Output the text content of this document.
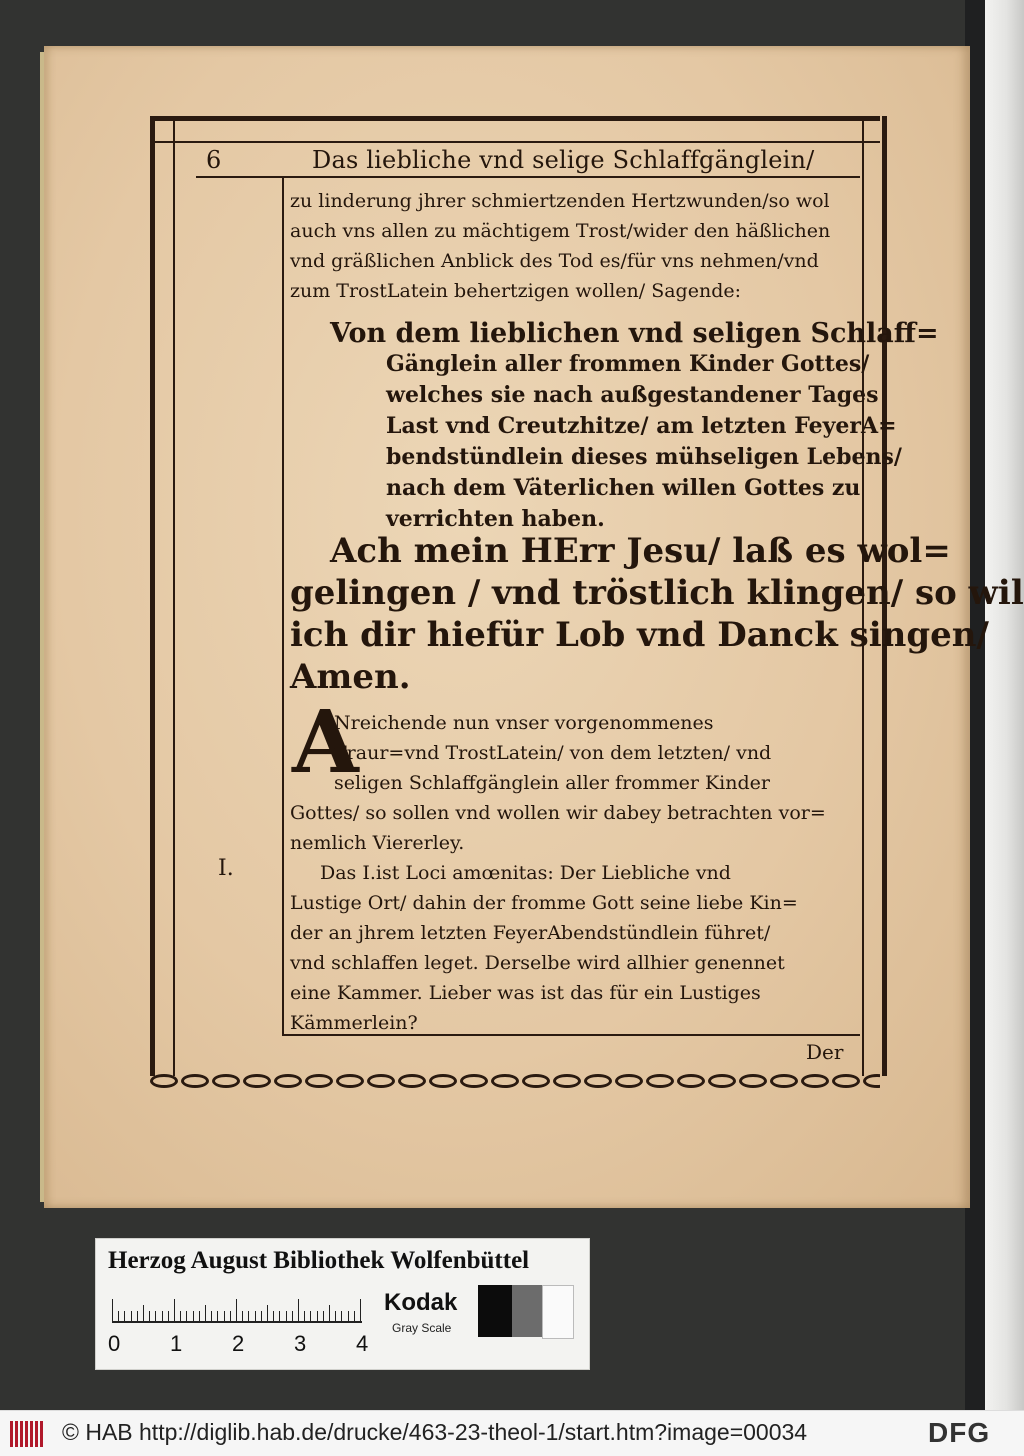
6	Das liebliche vnd selige Schlaffgänglein/
zu linderung jhrer schmiertzenden Hertzwunden/so wol
auch vns allen zu mächtigem Trost/wider den häßlichen
vnd gräßlichen Anblick des Tod es/für vns nehmen/vnd
zum TrostLatein behertzigen wollen/ Sagende:
Von dem lieblichen vnd seligen Schlaff=
Gänglein aller frommen Kinder Gottes/
welches sie nach außgestandener Tages
Last vnd Creutzhitze/ am letzten FeyerA=
bendstündlein dieses mühseligen Lebens/
nach dem Väterlichen willen Gottes zu
verrichten haben.
Ach mein HErr Jesu/ laß es wol=
gelingen / vnd tröstlich klingen/ so wil
ich dir hiefür Lob vnd Danck singen/
Amen.
A
Nreichende nun vnser vorgenommenes
Traur=vnd TrostLatein/ von dem letzten/ vnd
seligen Schlaffgänglein aller frommer Kinder
Gottes/ so sollen vnd wollen wir dabey betrachten vor=
nemlich Viererley.
Das I.ist Loci amœnitas: Der Liebliche vnd
Lustige Ort/ dahin der fromme Gott seine liebe Kin=
der an jhrem letzten FeyerAbendstündlein führet/
vnd schlaffen leget. Derselbe wird allhier genennet
eine Kammer. Lieber was ist das für ein Lustiges
Kämmerlein?
I.
Der
Herzog August Bibliothek Wolfenbüttel
0 1 2 3 4
Kodak
Gray Scale
© HAB http://diglib.hab.de/drucke/463-23-theol-1/start.htm?image=00034	DFG
